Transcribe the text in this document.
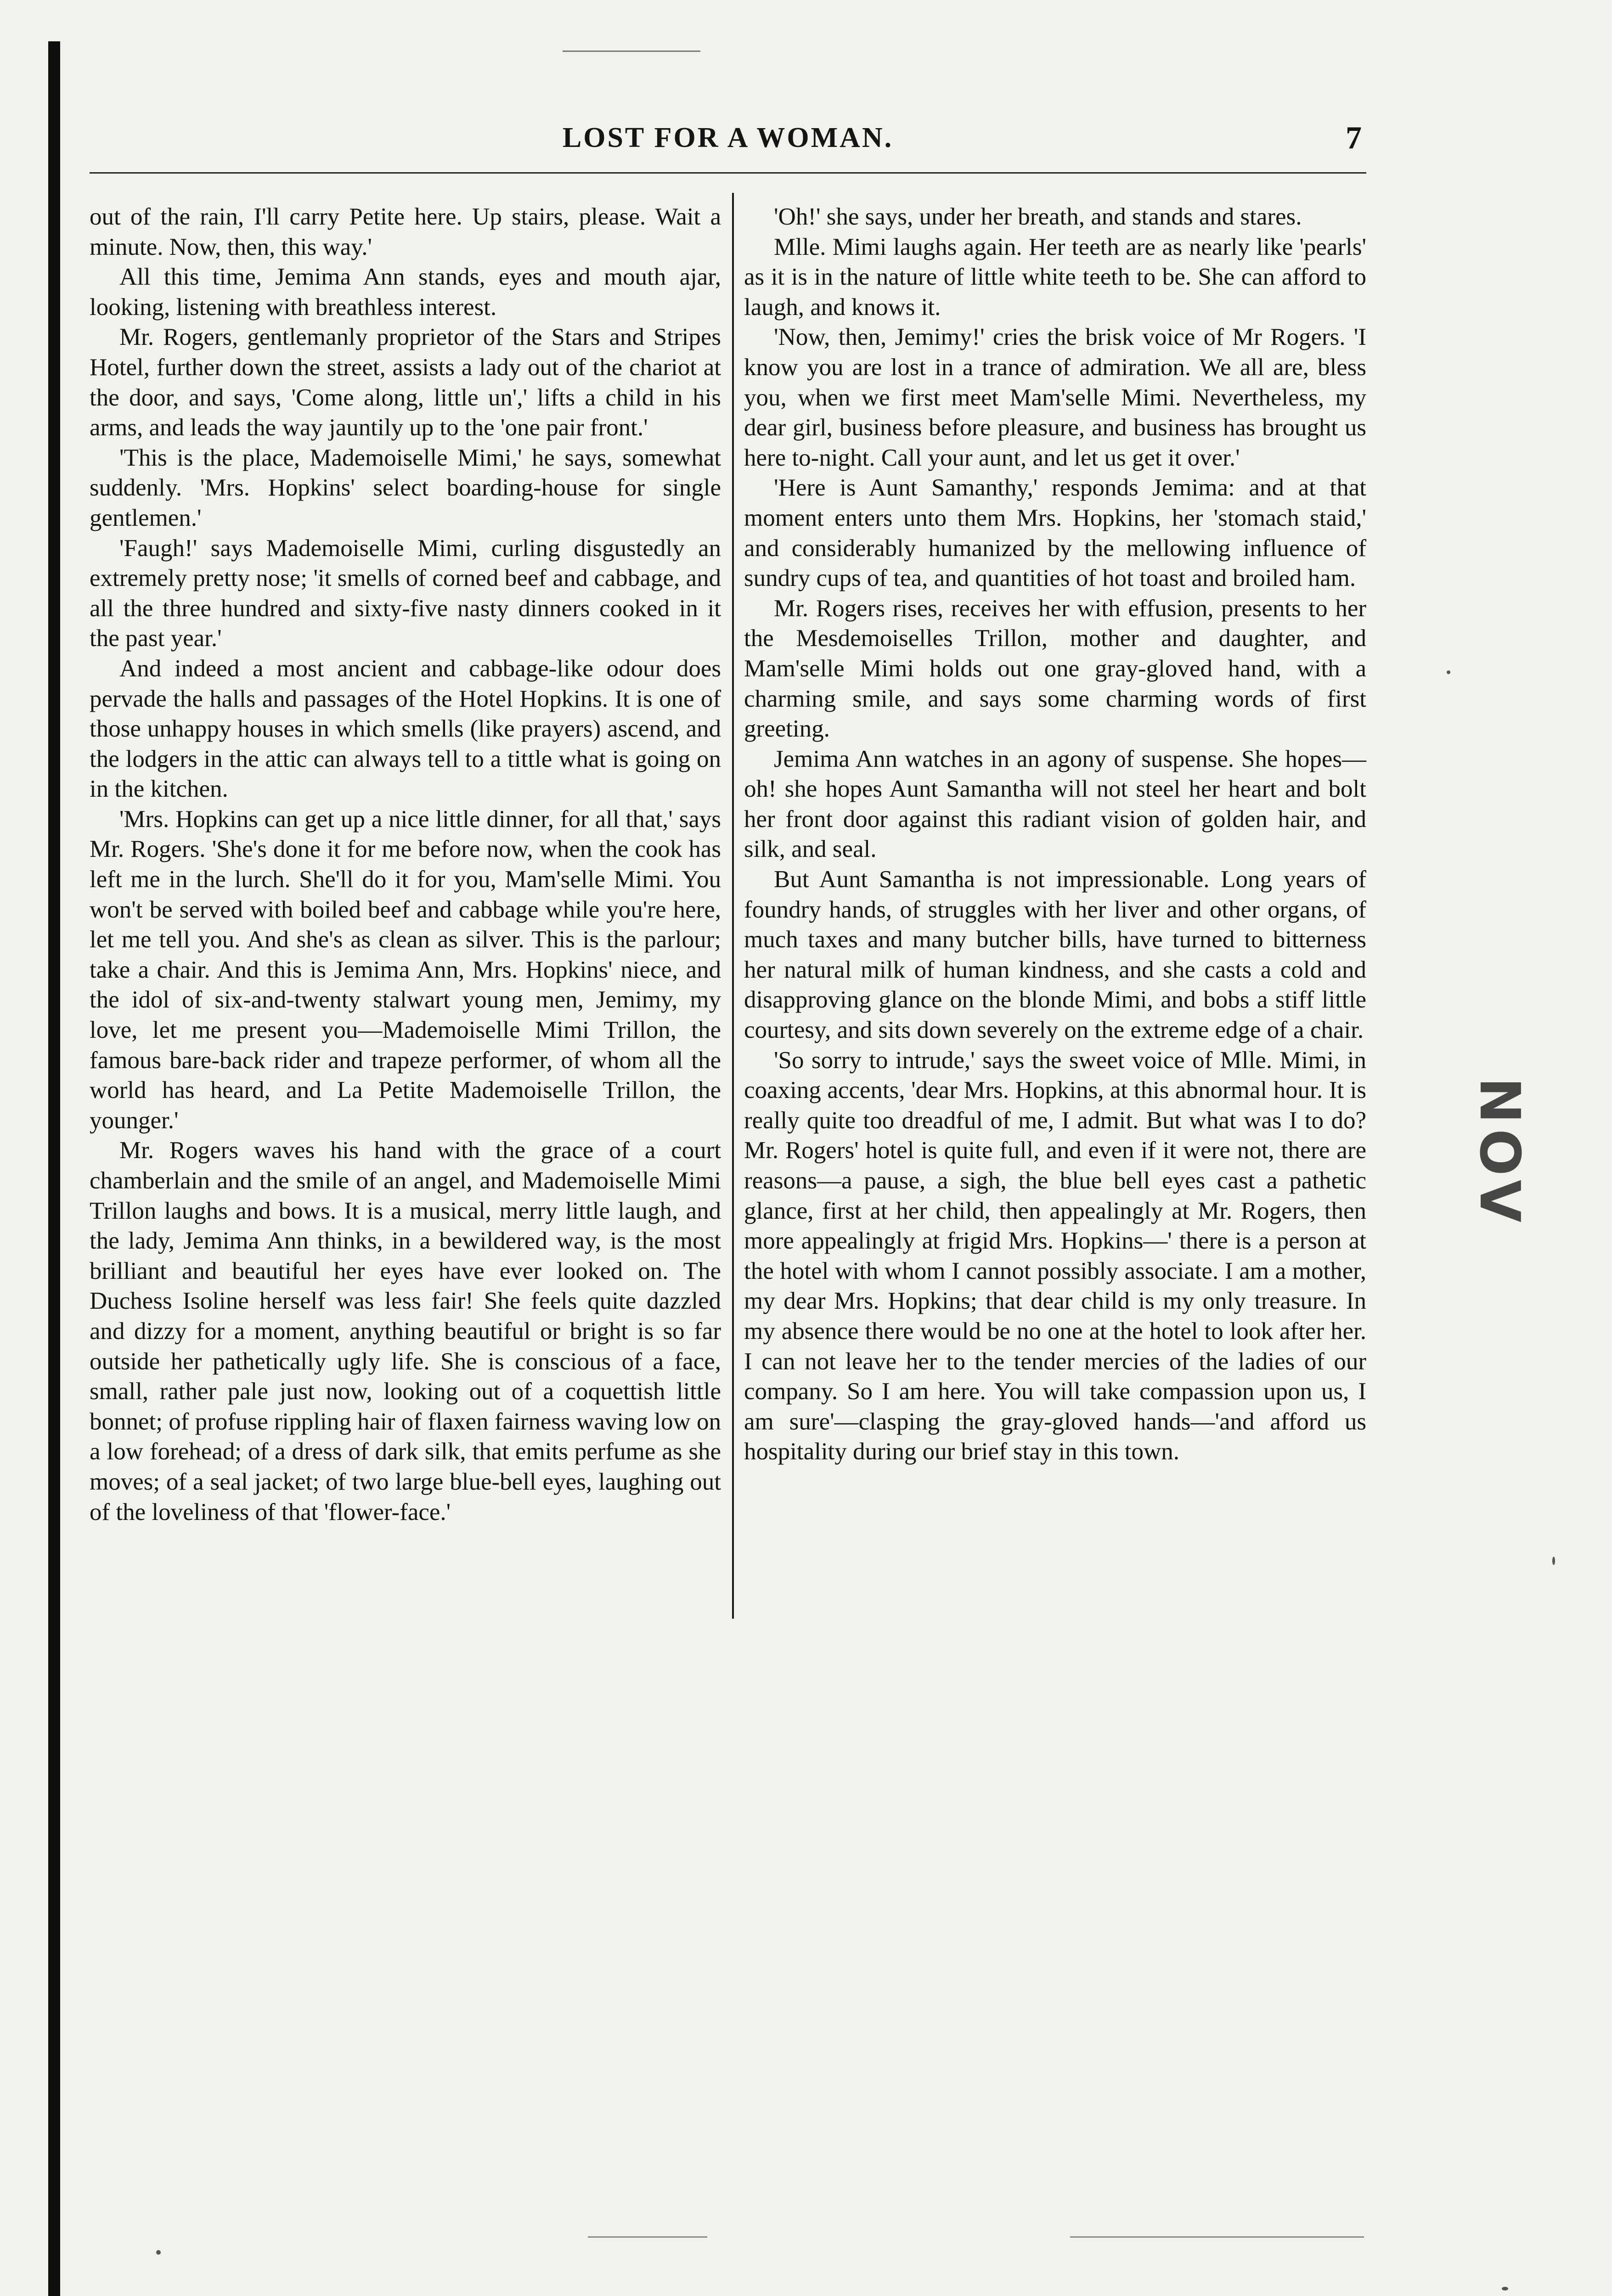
LOST FOR A WOMAN.	7

out of the rain, I'll carry Petite here. Up stairs, please. Wait a minute. Now, then, this way.'

All this time, Jemima Ann stands, eyes and mouth ajar, looking, listening with breathless interest.

Mr. Rogers, gentlemanly proprietor of the Stars and Stripes Hotel, further down the street, assists a lady out of the chariot at the door, and says, 'Come along, little un',' lifts a child in his arms, and leads the way jauntily up to the 'one pair front.'

'This is the place, Mademoiselle Mimi,' he says, somewhat suddenly. 'Mrs. Hopkins' select boarding-house for single gentlemen.'

'Faugh!' says Mademoiselle Mimi, curling disgustedly an extremely pretty nose; 'it smells of corned beef and cabbage, and all the three hundred and sixty-five nasty dinners cooked in it the past year.'

And indeed a most ancient and cabbage-like odour does pervade the halls and passages of the Hotel Hopkins. It is one of those unhappy houses in which smells (like prayers) ascend, and the lodgers in the attic can always tell to a tittle what is going on in the kitchen.

'Mrs. Hopkins can get up a nice little dinner, for all that,' says Mr. Rogers. 'She's done it for me before now, when the cook has left me in the lurch. She'll do it for you, Mam'selle Mimi. You won't be served with boiled beef and cabbage while you're here, let me tell you. And she's as clean as silver. This is the parlour; take a chair. And this is Jemima Ann, Mrs. Hopkins' niece, and the idol of six-and-twenty stalwart young men, Jemimy, my love, let me present you—Mademoiselle Mimi Trillon, the famous bare-back rider and trapeze performer, of whom all the world has heard, and La Petite Mademoiselle Trillon, the younger.'

Mr. Rogers waves his hand with the grace of a court chamberlain and the smile of an angel, and Mademoiselle Mimi Trillon laughs and bows. It is a musical, merry little laugh, and the lady, Jemima Ann thinks, in a bewildered way, is the most brilliant and beautiful her eyes have ever looked on. The Duchess Isoline herself was less fair! She feels quite dazzled and dizzy for a moment, anything beautiful or bright is so far outside her pathetically ugly life. She is conscious of a face, small, rather pale just now, looking out of a coquettish little bonnet; of profuse rippling hair of flaxen fairness waving low on a low forehead; of a dress of dark silk, that emits perfume as she moves; of a seal jacket; of two large blue-bell eyes, laughing out of the loveliness of that 'flower-face.'

'Oh!' she says, under her breath, and stands and stares.

Mlle. Mimi laughs again. Her teeth are as nearly like 'pearls' as it is in the nature of little white teeth to be. She can afford to laugh, and knows it.

'Now, then, Jemimy!' cries the brisk voice of Mr Rogers. 'I know you are lost in a trance of admiration. We all are, bless you, when we first meet Mam'selle Mimi. Nevertheless, my dear girl, business before pleasure, and business has brought us here to-night. Call your aunt, and let us get it over.'

'Here is Aunt Samanthy,' responds Jemima: and at that moment enters unto them Mrs. Hopkins, her 'stomach staid,' and considerably humanized by the mellowing influence of sundry cups of tea, and quantities of hot toast and broiled ham.

Mr. Rogers rises, receives her with effusion, presents to her the Mesdemoiselles Trillon, mother and daughter, and Mam'selle Mimi holds out one gray-gloved hand, with a charming smile, and says some charming words of first greeting.

Jemima Ann watches in an agony of suspense. She hopes—oh! she hopes Aunt Samantha will not steel her heart and bolt her front door against this radiant vision of golden hair, and silk, and seal.

But Aunt Samantha is not impressionable. Long years of foundry hands, of struggles with her liver and other organs, of much taxes and many butcher bills, have turned to bitterness her natural milk of human kindness, and she casts a cold and disapproving glance on the blonde Mimi, and bobs a stiff little courtesy, and sits down severely on the extreme edge of a chair.

'So sorry to intrude,' says the sweet voice of Mlle. Mimi, in coaxing accents, 'dear Mrs. Hopkins, at this abnormal hour. It is really quite too dreadful of me, I admit. But what was I to do? Mr. Rogers' hotel is quite full, and even if it were not, there are reasons—a pause, a sigh, the blue bell eyes cast a pathetic glance, first at her child, then appealingly at Mr. Rogers, then more appealingly at frigid Mrs. Hopkins—' there is a person at the hotel with whom I cannot possibly associate. I am a mother, my dear Mrs. Hopkins; that dear child is my only treasure. In my absence there would be no one at the hotel to look after her. I can not leave her to the tender mercies of the ladies of our company. So I am here. You will take compassion upon us, I am sure'—clasping the gray-gloved hands—'and afford us hospitality during our brief stay in this town.

NOV
